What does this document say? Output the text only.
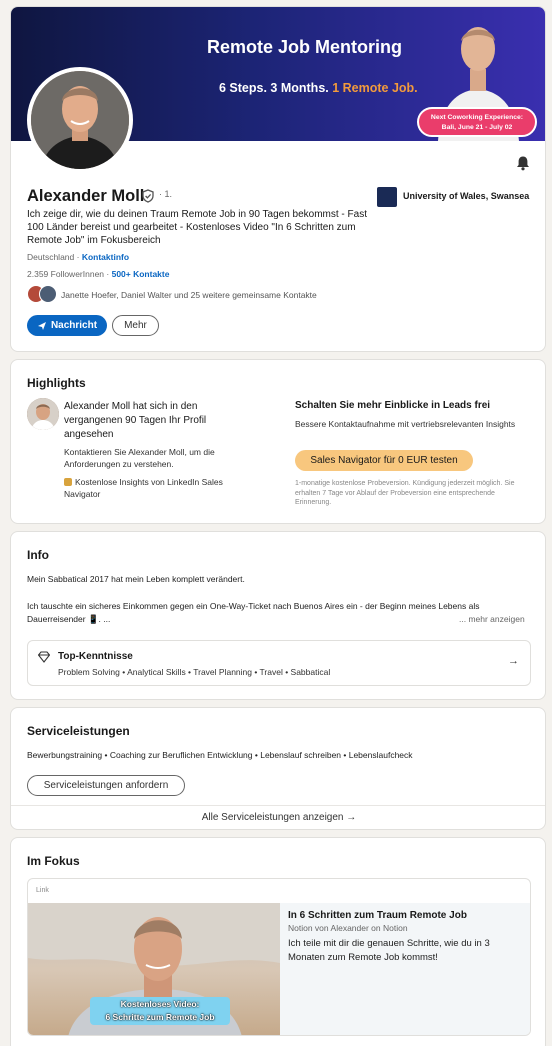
Remote Job Mentoring
6 Steps. 3 Months. 1 Remote Job.
Next Coworking Experience:
Bali, June 21 - July 02
Alexander Moll · 1.	University of Wales, Swansea
Ich zeige dir, wie du deinen Traum Remote Job in 90 Tagen bekommst - Fast 100 Länder bereist und gearbeitet - Kostenloses Video "In 6 Schritten zum Remote Job" im Fokusbereich
Deutschland · Kontaktinfo
2.359 FollowerInnen · 500+ Kontakte
Janette Hoefer, Daniel Walter und 25 weitere gemeinsame Kontakte
Nachricht	Mehr
Highlights
Alexander Moll hat sich in den vergangenen 90 Tagen Ihr Profil angesehen
Kontaktieren Sie Alexander Moll, um die Anforderungen zu verstehen.
Kostenlose Insights von LinkedIn Sales Navigator
Schalten Sie mehr Einblicke in Leads frei
Bessere Kontaktaufnahme mit vertriebsrelevanten Insights
Sales Navigator für 0 EUR testen
1-monatige kostenlose Probeversion. Kündigung jederzeit möglich. Sie erhalten 7 Tage vor Ablauf der Probeversion eine entsprechende Erinnerung.
Info
Mein Sabbatical 2017 hat mein Leben komplett verändert.
Ich tauschte ein sicheres Einkommen gegen ein One-Way-Ticket nach Buenos Aires ein - der Beginn meines Lebens als Dauerreisender 📱. ...	... mehr anzeigen
Top-Kenntnisse
Problem Solving • Analytical Skills • Travel Planning • Travel • Sabbatical
→
Serviceleistungen
Bewerbungstraining • Coaching zur Beruflichen Entwicklung • Lebenslauf schreiben • Lebenslaufcheck
Serviceleistungen anfordern
Alle Serviceleistungen anzeigen →
Im Fokus
Link
Kostenloses Video:
6 Schritte zum Remote Job
In 6 Schritten zum Traum Remote Job
Notion von Alexander on Notion
Ich teile mit dir die genauen Schritte, wie du in 3 Monaten zum Remote Job kommst!
